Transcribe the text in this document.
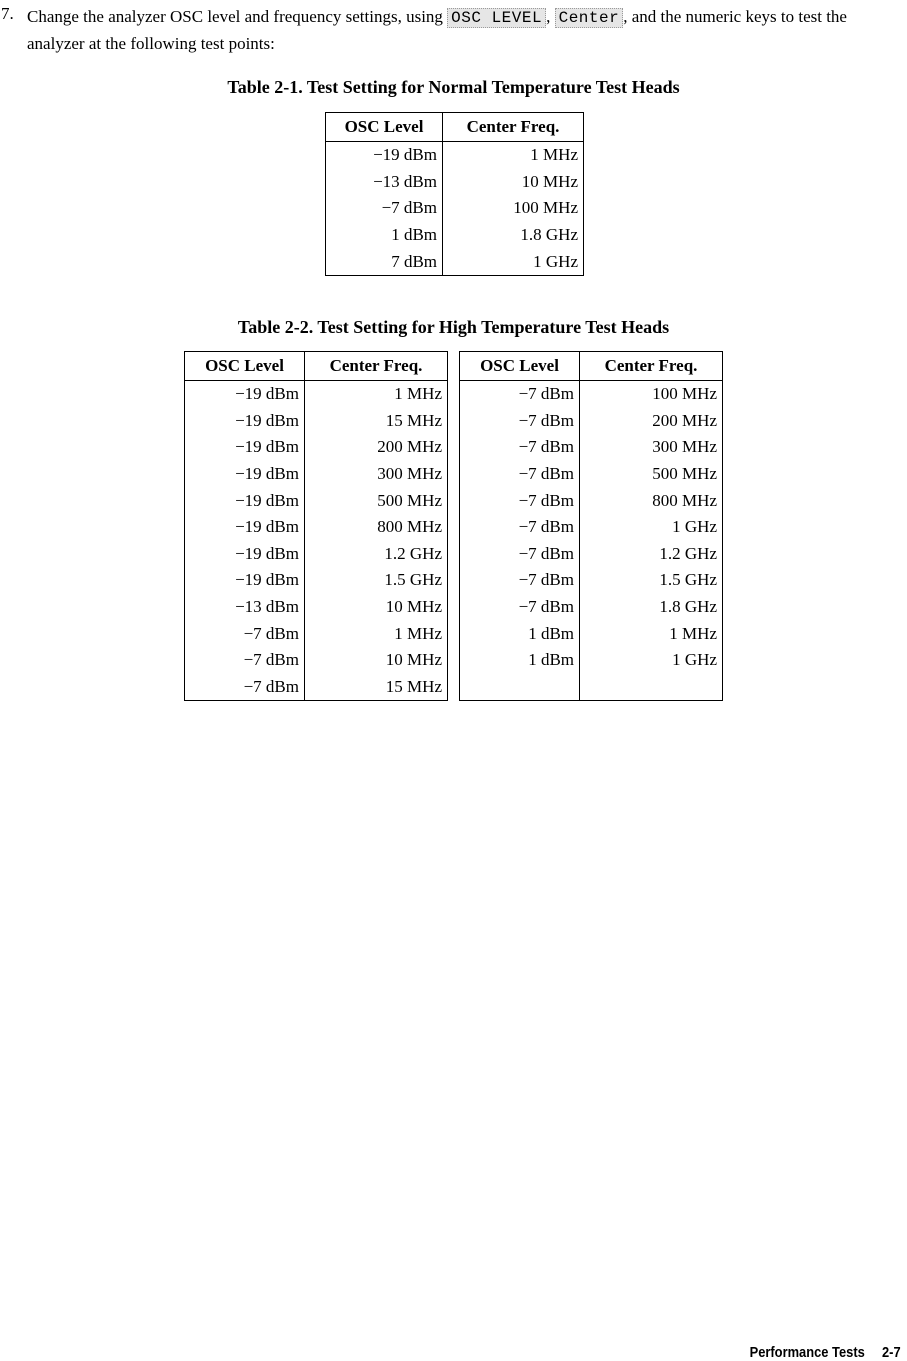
7. Change the analyzer OSC level and frequency settings, using OSC LEVEL , Center , and the numeric keys to test the analyzer at the following test points:
Table 2-1. Test Setting for Normal Temperature Test Heads
OSC Level	Center Freq.
−19 dBm	1 MHz
−13 dBm	10 MHz
−7 dBm	100 MHz
1 dBm	1.8 GHz
7 dBm	1 GHz
Table 2-2. Test Setting for High Temperature Test Heads
OSC Level	Center Freq.
−19 dBm	1 MHz
−19 dBm	15 MHz
−19 dBm	200 MHz
−19 dBm	300 MHz
−19 dBm	500 MHz
−19 dBm	800 MHz
−19 dBm	1.2 GHz
−19 dBm	1.5 GHz
−13 dBm	10 MHz
−7 dBm	1 MHz
−7 dBm	10 MHz
−7 dBm	15 MHz
OSC Level	Center Freq.
−7 dBm	100 MHz
−7 dBm	200 MHz
−7 dBm	300 MHz
−7 dBm	500 MHz
−7 dBm	800 MHz
−7 dBm	1 GHz
−7 dBm	1.2 GHz
−7 dBm	1.5 GHz
−7 dBm	1.8 GHz
1 dBm	1 MHz
1 dBm	1 GHz

Performance Tests 2-7
